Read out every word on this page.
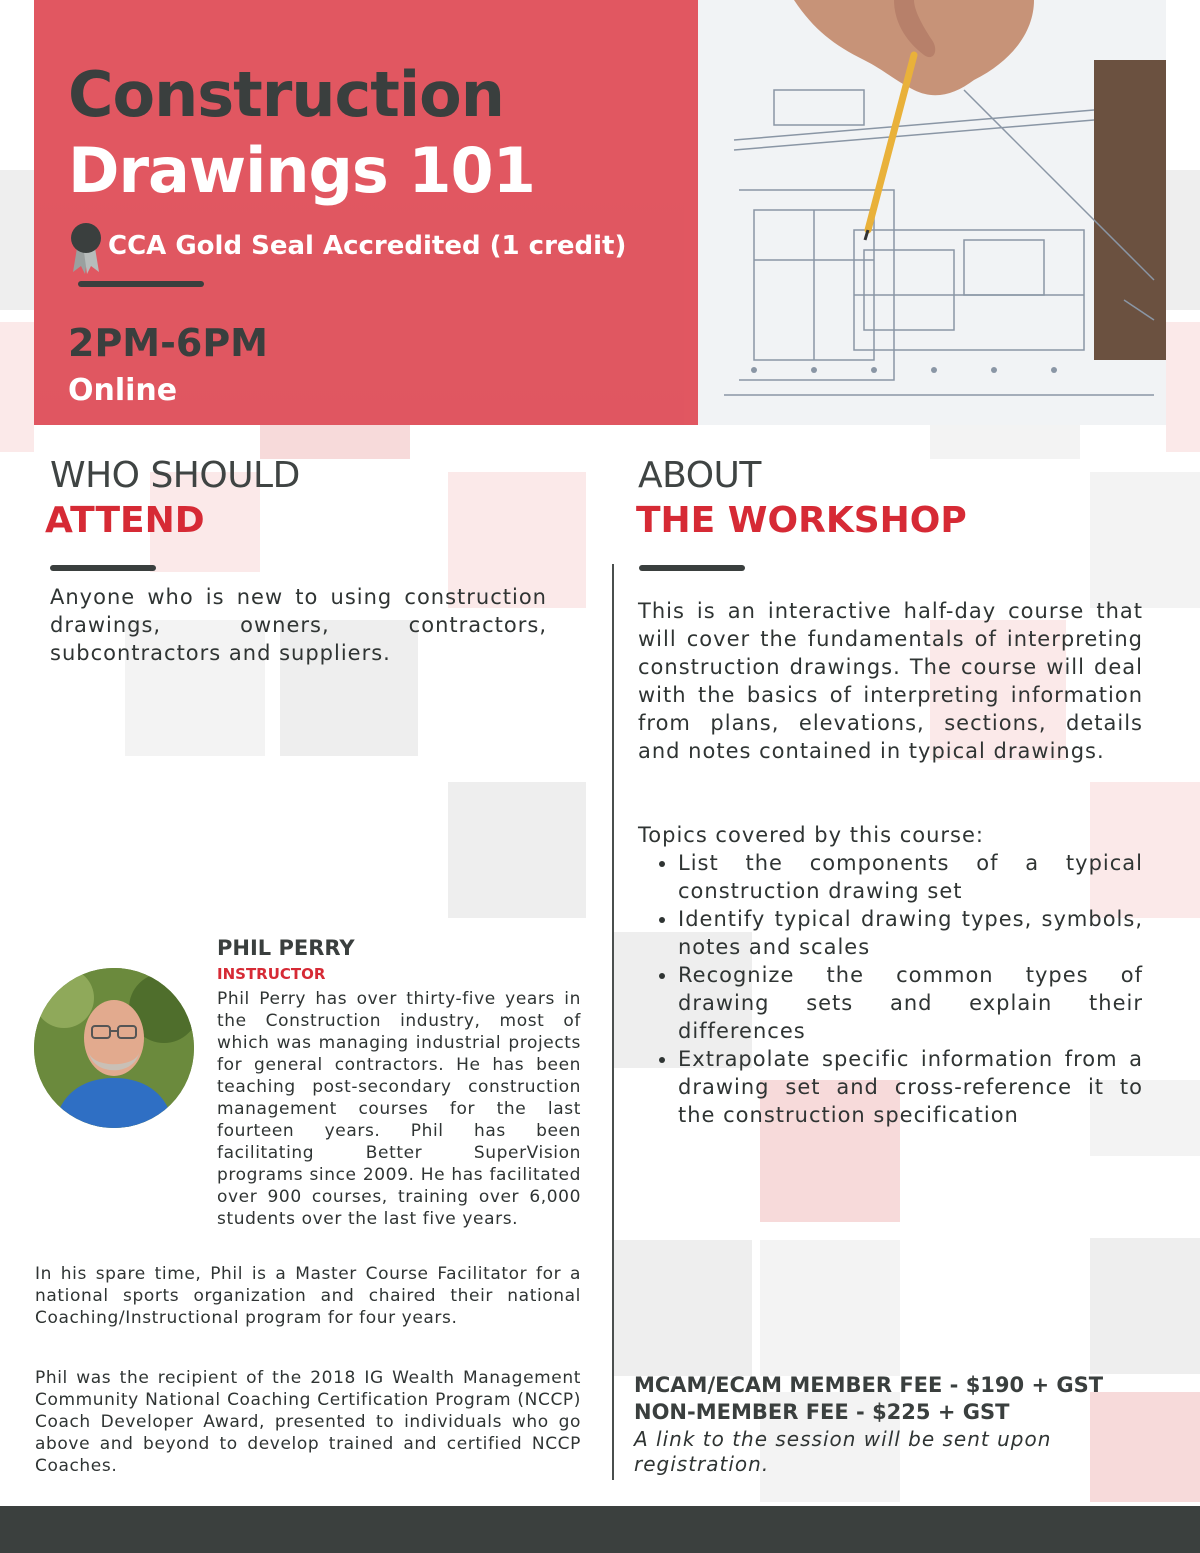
Construction
Drawings 101
CCA Gold Seal Accredited (1 credit)
2PM-6PM
Online
WHO SHOULD
ATTEND
Anyone who is new to using construction drawings, owners, contractors, subcontractors and suppliers.
ABOUT
THE WORKSHOP
This is an interactive half-day course that will cover the fundamentals of interpreting construction drawings. The course will deal with the basics of interpreting information from plans, elevations, sections, details and notes contained in typical drawings.
Topics covered by this course:
• List the components of a typical construction drawing set
• Identify typical drawing types, symbols, notes and scales
• Recognize the common types of drawing sets and explain their differences
• Extrapolate specific information from a drawing set and cross-reference it to the construction specification
PHIL PERRY
INSTRUCTOR
Phil Perry has over thirty-five years in the Construction industry, most of which was managing industrial projects for general contractors. He has been teaching post-secondary construction management courses for the last fourteen years. Phil has been facilitating Better SuperVision programs since 2009. He has facilitated over 900 courses, training over 6,000 students over the last five years.
In his spare time, Phil is a Master Course Facilitator for a national sports organization and chaired their national Coaching/Instructional program for four years.
Phil was the recipient of the 2018 IG Wealth Management Community National Coaching Certification Program (NCCP) Coach Developer Award, presented to individuals who go above and beyond to develop trained and certified NCCP Coaches.
MCAM/ECAM MEMBER FEE - $190 + GST
NON-MEMBER FEE - $225 + GST
A link to the session will be sent upon registration.
